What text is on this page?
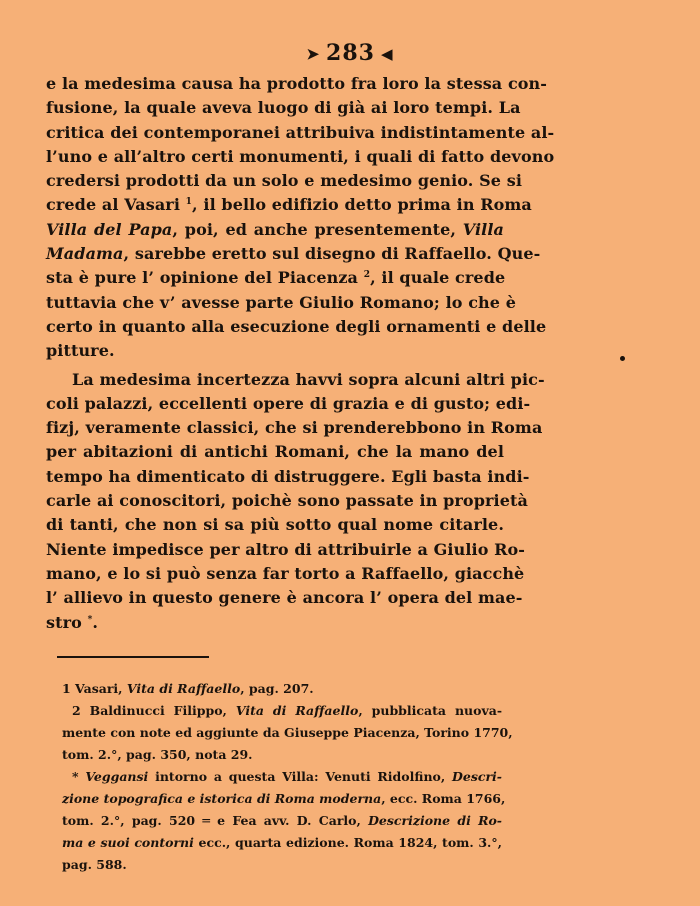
➤ 283 ◀
e la medesima causa ha prodotto fra loro la stessa con-
fusione, la quale aveva luogo di già ai loro tempi. La
critica dei contemporanei attribuiva indistintamente al-
l’uno e all’altro certi monumenti, i quali di fatto devono
credersi prodotti da un solo e medesimo genio. Se si
crede al Vasari $^1$, il bello edifizio detto prima in Roma
Villa del Papa, poi, ed anche presentemente, Villa
Madama, sarebbe eretto sul disegno di Raffaello. Que-
sta è pure l’ opinione del Piacenza $^2$, il quale crede
tuttavia che v’ avesse parte Giulio Romano; lo che è
certo in quanto alla esecuzione degli ornamenti e delle
pitture.
La medesima incertezza havvi sopra alcuni altri pic-
coli palazzi, eccellenti opere di grazia e di gusto; edi-
fizj, veramente classici, che si prenderebbono in Roma
per abitazioni di antichi Romani, che la mano del
tempo ha dimenticato di distruggere. Egli basta indi-
carle ai conoscitori, poichè sono passate in proprietà
di tanti, che non si sa più sotto qual nome citarle.
Niente impedisce per altro di attribuirle a Giulio Ro-
mano, e lo si può senza far torto a Raffaello, giacchè
l’ allievo in questo genere è ancora l’ opera del mae-
stro *.
1 Vasari, Vita di Raffaello, pag. 207.
2 Baldinucci Filippo, Vita di Raffaello, pubblicata nuova-
mente con note ed aggiunte da Giuseppe Piacenza, Torino 1770,
tom. 2.°, pag. 350, nota 29.
* Veggansi intorno a questa Villa: Venuti Ridolfino, Descri-
zione topografica e istorica di Roma moderna, ecc. Roma 1766,
tom. 2.°, pag. 520 ═ e Fea avv. D. Carlo, Descrizione di Ro-
ma e suoi contorni ecc., quarta edizione. Roma 1824, tom. 3.°,
pag. 588.
